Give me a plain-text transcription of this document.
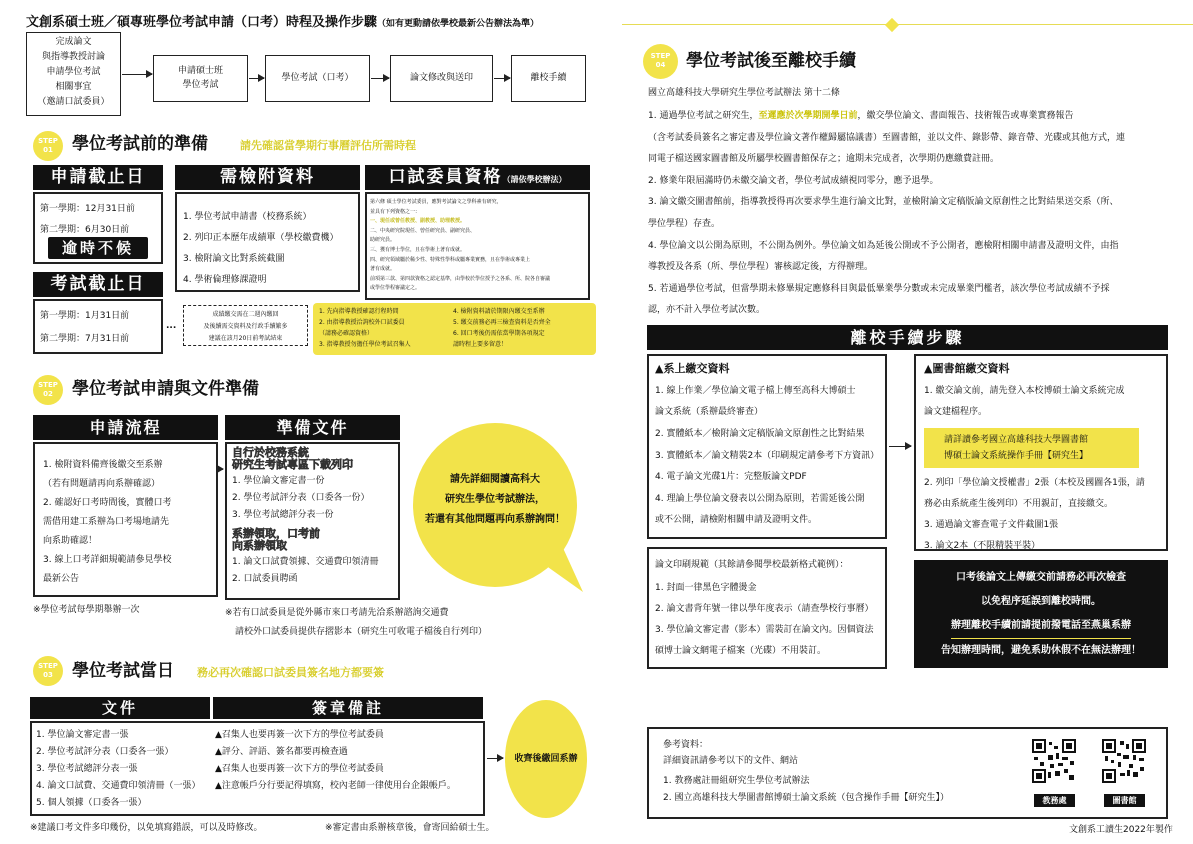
文創系碩士班／碩專班學位考試申請（口考）時程及操作步驟（如有更動請依學校最新公告辦法為準）
完成論文
與指導教授討論
申請學位考試
相關事宜
（邀請口試委員）
申請碩士班
學位考試
學位考試（口考）	論文修改與送印	離校手續
STEP
01	學位考試前的準備	請先確認當學期行事曆評估所需時程
申請截止日
第一學期：12月31日前
第二學期：6月30日前
逾時不候
考試截止日
第一學期：1月31日前
第二學期：7月31日前
...
需檢附資料
1. 學位考試申請書（校務系統）
2. 列印正本歷年成績單（學校繳費機）
3. 檢附論文比對系統截圖
4. 學術倫理修課證明
口試委員資格（請依學校辦法）
第六條 碩士學位考試委員，應對考試論文之學科素有研究，
並具有下列資格之一：
一、現任或曾任教授、副教授、助理教授。
二、中央研究院現任、曾任研究員、副研究員、
助研究員。
三、獲有博士學位，且在學術上著有成就。
四、研究領域屬於稀少性、特殊性學科或屬專業實務，且在學術或專業上
著有成就。
前項第三款、第四款資格之認定基準，由學校於學位授予之各系、所、院各自審議
或學位學程審議定之。
成績繳交需在二週內繳回
及後續需交資料及行政手續繁多
建議在該月20日前考試結束
1. 先向指導教授確認行程時間
2. 由指導教授洽詢校外口試委員
（請務必確認資格）
3. 指導教授勿擔任學位考試召集人
4. 檢附資料請於期限內繳交至系辦
5. 繳交前務必再三檢查資料是否齊全
6. 回口考後仍需依當學期各項規定
請時程上要多留意！
STEP
02	學位考試申請與文件準備
申請流程
1. 檢附資料備齊後繳交至系辦
（若有問題請再向系辦確認）
2. 確認好口考時間後，實體口考
需借用建工系辦為口考場地請先
向系助確認！
3. 線上口考詳細規範請參見學校
最新公告
※學位考試每學期舉辦一次
準備文件
自行於校務系統
研究生考試專區下載列印
1. 學位論文審定書一份
2. 學位考試評分表（口委各一份）
3. 學位考試總評分表一份
系辦領取，口考前
向系辦領取
1. 論文口試費領據、交通費印領清冊
2. 口試委員聘函
※若有口試委員是從外縣市來口考請先洽系辦諮詢交通費
請校外口試委員提供存摺影本（研究生可收電子檔後自行列印）
請先詳細閱讀高科大
研究生學位考試辦法，
若還有其他問題再向系辦詢問！
STEP
03	學位考試當日 務必再次確認口試委員簽名地方都要簽
文件	簽章備註
1. 學位論文審定書一張
2. 學位考試評分表（口委各一張）
3. 學位考試總評分表一張
4. 論文口試費、交通費印領清冊（一張）
5. 個人領據（口委各一張）
▲召集人也要再簽一次下方的學位考試委員
▲評分、評語、簽名都要再檢查過
▲召集人也要再簽一次下方的學位考試委員
▲注意帳戶分行要記得填寫，校內老師一律使用台企銀帳戶。
收齊後繳回系辦
※建議口考文件多印幾份，以免填寫錯誤，可以及時修改。	※審定書由系辦核章後，會寄回給碩士生。
STEP
04	學位考試後至離校手續
國立高雄科技大學研究生學位考試辦法 第十二條
1. 通過學位考試之研究生，至遲應於次學期開學日前，繳交學位論文、書面報告、技術報告或專業實務報告
（含考試委員簽名之審定書及學位論文著作權歸屬協議書）至圖書館，並以文件、錄影帶、錄音帶、光碟或其他方式，連
同電子檔送國家圖書館及所屬學校圖書館保存之；逾期未完成者，次學期仍應繳費註冊。
2. 修業年限屆滿時仍未繳交論文者，學位考試成績視同零分，應予退學。
3. 論文繳交圖書館前，指導教授得再次要求學生進行論文比對，並檢附論文定稿版論文原創性之比對結果送交系（所、
學位學程）存查。
4. 學位論文以公開為原則，不公開為例外。學位論文如為延後公開或不予公開者，應檢附相關申請書及證明文件，由指
導教授及各系（所、學位學程）審核認定後，方得辦理。
5. 若通過學位考試，但當學期未修畢規定應修科目與最低畢業學分數或未完成畢業門檻者，該次學位考試成績不予採
認，亦不計入學位考試次數。
離校手續步驟
▲系上繳交資料
1. 線上作業／學位論文電子檔上傳至高科大博碩士
論文系統（系辦最終審查）
2. 實體紙本／檢附論文定稿版論文原創性之比對結果
3. 實體紙本／論文精裝2本（印刷規定請參考下方資訊）
4. 電子論文光碟1片：完整版論文PDF
4. 理論上學位論文發表以公開為原則，若需延後公開
或不公開，請檢附相關申請及證明文件。
▲圖書館繳交資料
1. 繳交論文前，請先登入本校博碩士論文系統完成
論文建檔程序。
請詳讀參考國立高雄科技大學圖書館
博碩士論文系統操作手冊【研究生】
2. 列印「學位論文授權書」2張（本校及國圖各1張，請
務必由系統產生後列印）不用親訂，直接繳交。
3. 通過論文審查電子文件截圖1張
3. 論文2本（不限精裝平裝）
論文印刷規範（其餘請參閱學校最新格式範例）：
1. 封面一律黑色字體燙金
2. 論文書背年號一律以學年度表示（請查學校行事曆）
3. 學位論文審定書（影本）需裝訂在論文內。因個資法
碩博士論文網電子檔案（光碟）不用裝訂。
口考後論文上傳繳交前請務必再次檢查
以免程序延誤到離校時間。
辦理離校手續前請提前撥電話至燕巢系辦
告知辦理時間，避免系助休假不在無法辦理！
參考資料：
詳細資訊請參考以下的文件、網站
1. 教務處註冊組研究生學位考試辦法
2. 國立高雄科技大學圖書館博碩士論文系統（包含操作手冊【研究生】）	教務處	圖書館
文創系工讀生2022年製作
